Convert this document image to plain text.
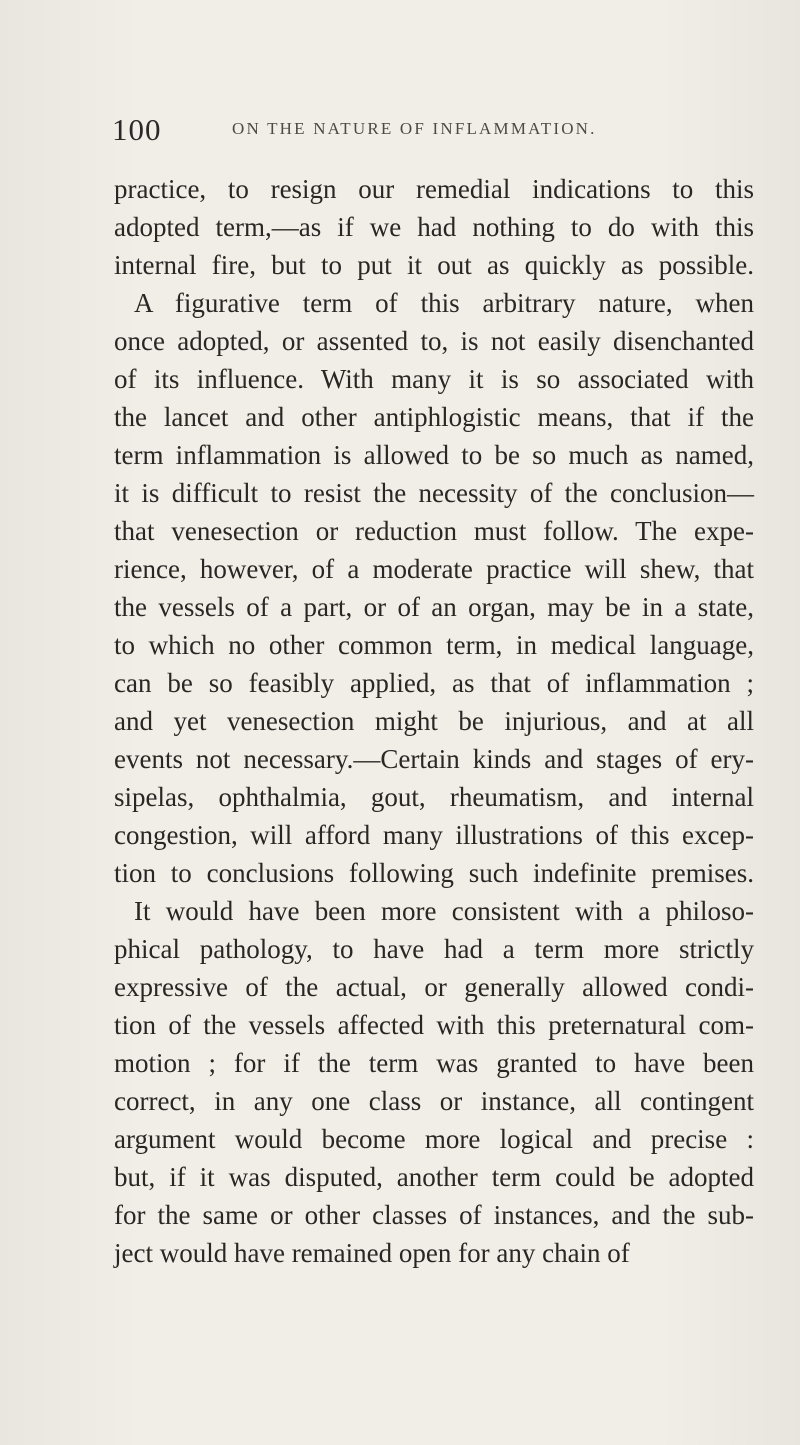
100	ON THE NATURE OF INFLAMMATION.
practice, to resign our remedial indications to this
adopted term,—as if we had nothing to do with this
internal fire, but to put it out as quickly as possible.
A figurative term of this arbitrary nature, when
once adopted, or assented to, is not easily disenchanted
of its influence. With many it is so associated with
the lancet and other antiphlogistic means, that if the
term inflammation is allowed to be so much as named,
it is difficult to resist the necessity of the conclusion—
that venesection or reduction must follow. The expe-
rience, however, of a moderate practice will shew, that
the vessels of a part, or of an organ, may be in a state,
to which no other common term, in medical language,
can be so feasibly applied, as that of inflammation ;
and yet venesection might be injurious, and at all
events not necessary.—Certain kinds and stages of ery-
sipelas, ophthalmia, gout, rheumatism, and internal
congestion, will afford many illustrations of this excep-
tion to conclusions following such indefinite premises.
It would have been more consistent with a philoso-
phical pathology, to have had a term more strictly
expressive of the actual, or generally allowed condi-
tion of the vessels affected with this preternatural com-
motion ; for if the term was granted to have been
correct, in any one class or instance, all contingent
argument would become more logical and precise :
but, if it was disputed, another term could be adopted
for the same or other classes of instances, and the sub-
ject would have remained open for any chain of
